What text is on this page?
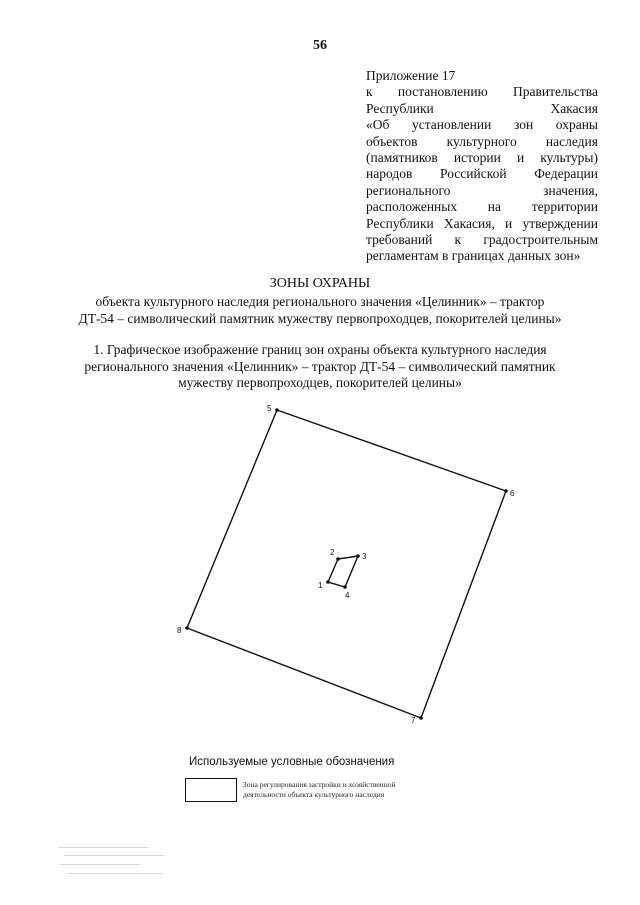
56
Приложение 17
к постановлению Правительства
Республики Хакасия
«Об установлении зон охраны
объектов культурного наследия
(памятников истории и культуры)
народов Российской Федерации
регионального значения,
расположенных на территории
Республики Хакасия, и утверждении
требований к градостроительным
регламентам в границах данных зон»
ЗОНЫ ОХРАНЫ
объекта культурного наследия регионального значения «Целинник» – трактор
ДТ-54 – символический памятник мужеству первопроходцев, покорителей целины»
1. Графическое изображение границ зон охраны объекта культурного наследия
регионального значения «Целинник» – трактор ДТ-54 – символический памятник
мужеству первопроходцев, покорителей целины»
5
6
7
8
1
2	3
4
Используемые условные обозначения
Зона регулирования застройки и хозяйственной
деятельности объекта культурного наследия
